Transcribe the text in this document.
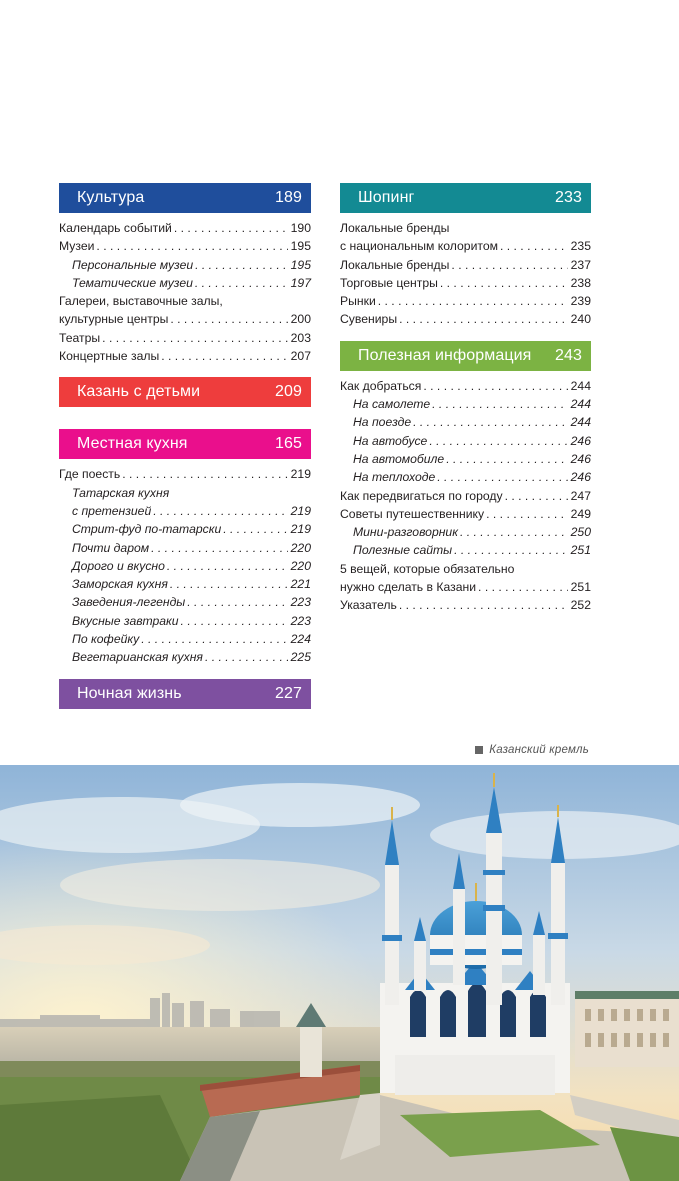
Культура	189
Календарь событий . . .	190
Музеи . . .	195
Персональные музеи . . .	195
Тематические музеи . . .	197
Галереи, выставочные залы,
культурные центры . . .	200
Театры . . .	203
Концертные залы . . .	207
Казань с детьми	209
Местная кухня	165
Где поесть . . .	219
Татарская кухня
с претензией . . .	219
Стрит-фуд по-татарски . . .	219
Почти даром . . .	220
Дорого и вкусно . . .	220
Заморская кухня . . .	221
Заведения-легенды . . .	223
Вкусные завтраки . . .	223
По кофейку . . .	224
Вегетарианская кухня . . .	225
Ночная жизнь	227
Шопинг	233
Локальные бренды
с национальным колоритом . . .	235
Локальные бренды . . .	237
Торговые центры . . .	238
Рынки . . .	239
Сувениры . . .	240
Полезная информация 243
Как добраться . . .	244
На самолете . . .	244
На поезде . . .	244
На автобусе . . .	246
На автомобиле . . .	246
На теплоходе . . .	246
Как передвигаться по городу . . .	247
Советы путешественнику . . .	249
Мини-разговорник . . .	250
Полезные сайты . . .	251
5 вещей, которые обязательно
нужно сделать в Казани . . .	251
Указатель . . .	252
Казанский кремль
